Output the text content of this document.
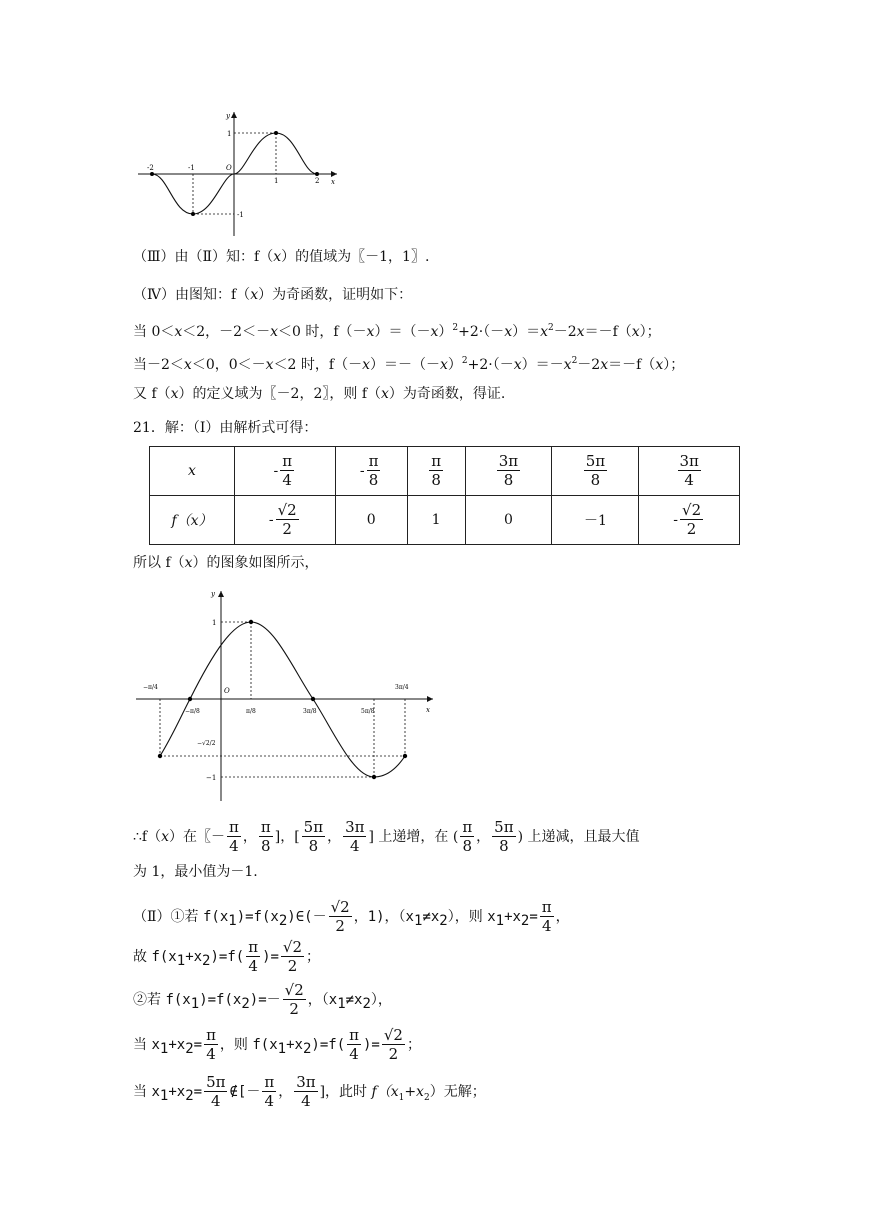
y
x
O
-2	-1
1	2
1
-1
（Ⅲ）由（Ⅱ）知：f（x）的值域为〖－1，1〗.
（Ⅳ）由图知：f（x）为奇函数，证明如下：
当 0＜x＜2，－2＜－x＜0 时，$f(-x)=(-x)^2+2\cdot(-x)=x^2-2x=-f(x)$；
当－2＜x＜0，0＜－x＜2 时，$f(-x)=-(-x)^2+2\cdot(-x)=-x^2-2x=-f(x)$；
又 f（x）的定义域为〖－2，2〗，则 f（x）为奇函数，得证.
21．解：（Ⅰ）由解析式可得：
x	- $\frac{\pi}{4}$	- $\frac{\pi}{8}$	$\frac{\pi}{8}$	$\frac{3\pi}{8}$	$\frac{5\pi}{8}$	$\frac{3\pi}{4}$

f（x）	- $\frac{√2}{2}$	0	1	0	－1	- $\frac{√2}{2}$
所以 f（x）的图象如图所示，
y
x
O
1
−1
−√2/2
−π/4
−π/8	π/8	3π/8	5π/8
3π/4
∴f（x）在〖－ $\frac{\pi}{4}$ ， $\frac{\pi}{8}$ ]，[ $\frac{5\pi}{8}$ ， $\frac{3\pi}{4}$ ] 上递增，在 ( $\frac{\pi}{8}$ ， $\frac{5\pi}{8}$ ) 上递减，且最大值
为 1，最小值为－1.
（Ⅱ）①若 $f(x_1)=f(x_2)\in(- \frac{√2}{2}$ ，1)，$(x_1\ne x_2)$，则 $x_1+x_2= \frac{\pi}{4}$ ，
故 $f(x_1+x_2)=f( \frac{\pi}{4}$ )= $\frac{√2}{2}$ ；
②若 $f(x_1)=f(x_2)=- \frac{√2}{2}$ ，$(x_1\ne x_2)$，
当 $x_1+x_2= \frac{\pi}{4}$ ，则 $f(x_1+x_2)=f( \frac{\pi}{4}$ )= $\frac{√2}{2}$ ；
当 $x_1+x_2= \frac{5\pi}{4}$ ∉[－ $\frac{\pi}{4}$ ， $\frac{3\pi}{4}$ ]，此时 $f(x_1+x_2)$无解；
